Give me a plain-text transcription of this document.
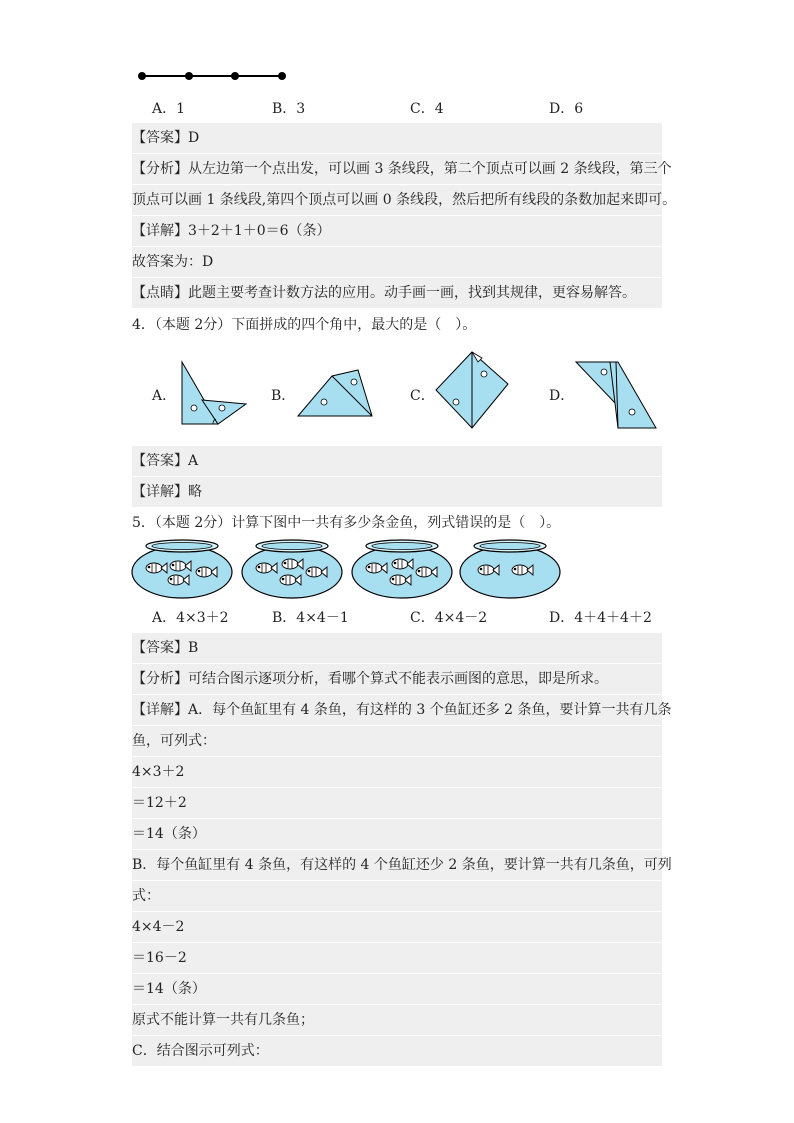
A．1	B．3	C．4	D．6
【答案】D
【分析】从左边第一个点出发，可以画 3 条线段，第二个顶点可以画 2 条线段，第三个
顶点可以画 1 条线段,第四个顶点可以画 0 条线段，然后把所有线段的条数加起来即可。
【详解】3＋2＋1＋0＝6（条）
故答案为：D
【点睛】此题主要考查计数方法的应用。动手画一画，找到其规律，更容易解答。
4．（本题 2分）下面拼成的四个角中，最大的是（　）。
A．	B．	C．	D．
【答案】A
【详解】略
5．（本题 2分）计算下图中一共有多少条金鱼，列式错误的是（　）。
A．4×3＋2	B．4×4－1	C．4×4－2	D．4＋4＋4＋2
【答案】B
【分析】可结合图示逐项分析，看哪个算式不能表示画图的意思，即是所求。
【详解】A．每个鱼缸里有 4 条鱼，有这样的 3 个鱼缸还多 2 条鱼，要计算一共有几条
鱼，可列式：
4×3＋2
＝12＋2
＝14（条）
B．每个鱼缸里有 4 条鱼，有这样的 4 个鱼缸还少 2 条鱼，要计算一共有几条鱼，可列
式：
4×4－2
＝16－2
＝14（条）
原式不能计算一共有几条鱼；
C．结合图示可列式：
